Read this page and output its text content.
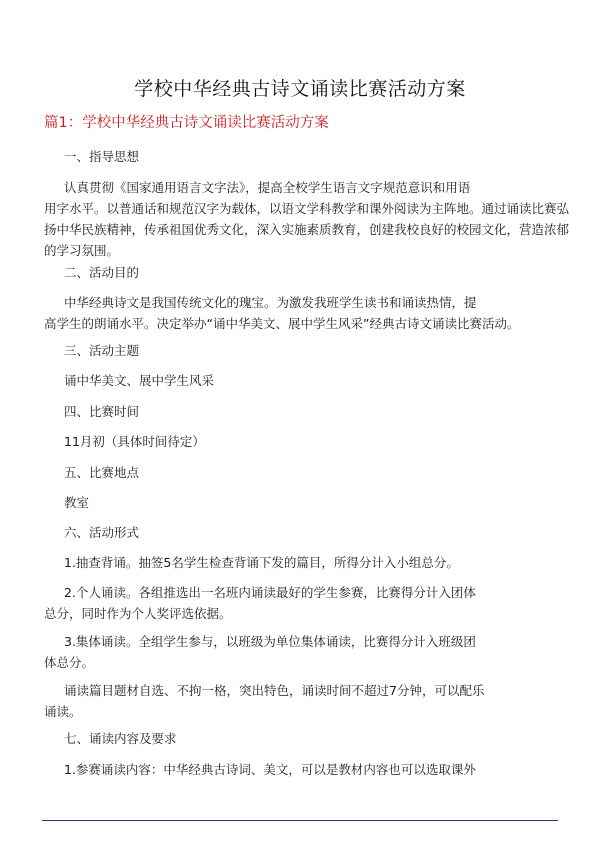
学校中华经典古诗文诵读比赛活动方案
篇1：学校中华经典古诗文诵读比赛活动方案
一、指导思想
认真贯彻《国家通用语言文字法》，提高全校学生语言文字规范意识和用语
用字水平。以普通话和规范汉字为载体，以语文学科教学和课外阅读为主阵地。通过诵读比赛弘
扬中华民族精神，传承祖国优秀文化，深入实施素质教育，创建我校良好的校园文化，营造浓郁
的学习氛围。
二、活动目的
中华经典诗文是我国传统文化的瑰宝。为激发我班学生读书和诵读热情，提
高学生的朗诵水平。决定举办“诵中华美文、展中学生风采”经典古诗文诵读比赛活动。
三、活动主题
诵中华美文、展中学生风采
四、比赛时间
11月初（具体时间待定）
五、比赛地点
教室
六、活动形式
1.抽查背诵。抽签5名学生检查背诵下发的篇目，所得分计入小组总分。
2.个人诵读。各组推选出一名班内诵读最好的学生参赛，比赛得分计入团体
总分，同时作为个人奖评选依据。
3.集体诵读。全组学生参与，以班级为单位集体诵读，比赛得分计入班级团
体总分。
诵读篇目题材自选、不拘一格，突出特色，诵读时间不超过7分钟，可以配乐
诵读。
七、诵读内容及要求
1.参赛诵读内容：中华经典古诗词、美文，可以是教材内容也可以选取课外
